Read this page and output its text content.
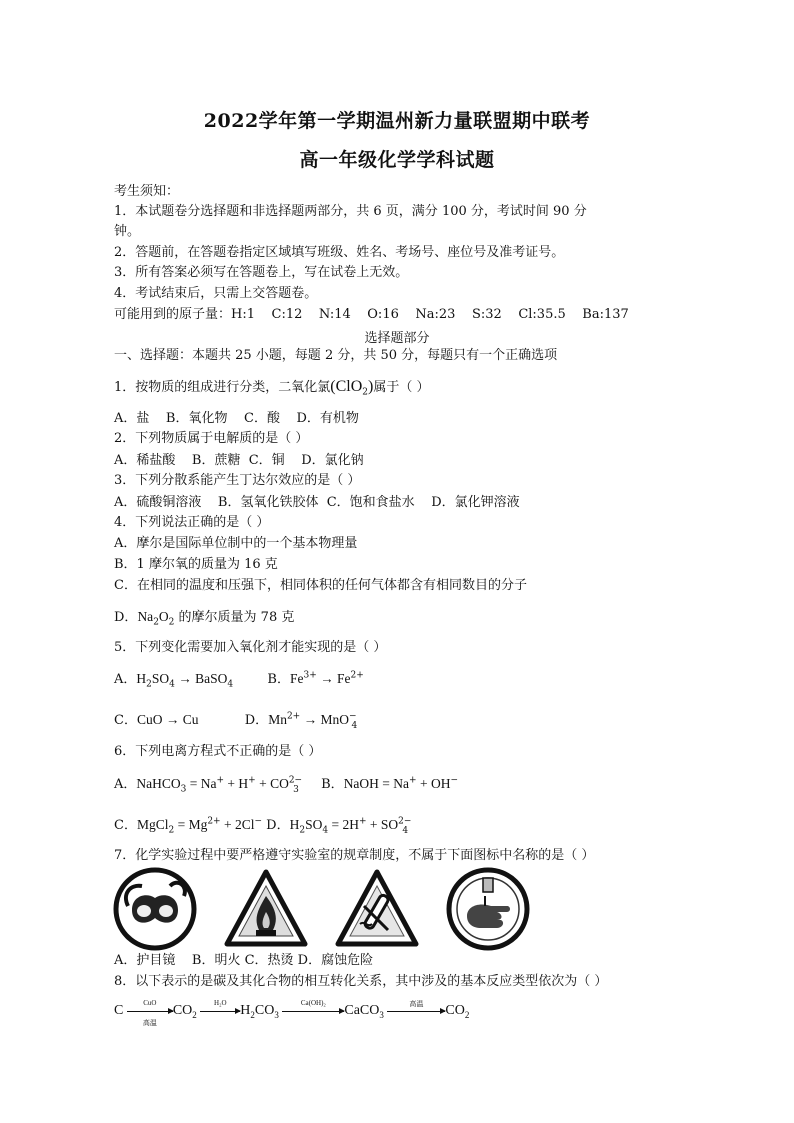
2022学年第一学期温州新力量联盟期中联考
高一年级化学学科试题
考生须知：
1．本试题卷分选择题和非选择题两部分，共 6 页，满分 100 分，考试时间 90 分
钟。
2．答题前，在答题卷指定区域填写班级、姓名、考场号、座位号及准考证号。
3．所有答案必须写在答题卷上，写在试卷上无效。
4．考试结束后，只需上交答题卷。
可能用到的原子量：H:1    C:12    N:14    O:16    Na:23    S:32    Cl:35.5    Ba:137
选择题部分
一、选择题：本题共 25 小题，每题 2 分，共 50 分，每题只有一个正确选项
1．按物质的组成进行分类，二氧化氯(ClO$_2$)属于（ ）
A．盐    B．氧化物    C．酸    D．有机物
2．下列物质属于电解质的是（ ）
A．稀盐酸    B．蔗糖  C．铜    D．氯化钠
3．下列分散系能产生丁达尔效应的是（ ）
A．硫酸铜溶液    B．氢氧化铁胶体  C．饱和食盐水    D．氯化钾溶液
4．下列说法正确的是（ ）
A．摩尔是国际单位制中的一个基本物理量
B．1 摩尔氧的质量为 16 克
C．在相同的温度和压强下，相同体积的任何气体都含有相同数目的分子
D．$Na_2O_2$ 的摩尔质量为 78 克
5．下列变化需要加入氧化剂才能实现的是（ ）
A．$H_2SO_4$ → BaSO$_4$	B．$Fe^{3+} \to Fe^{2+}$
C．CuO → Cu	D．$Mn^{2+} \to MnO^-_4$
6．下列电离方程式不正确的是（ ）
A．NaHCO$_3$ = $Na^+ + H^+ + CO^{2-}_3$ B．NaOH = Na+ + OH−
C．MgCl$_2$ = $Mg^{2+} + 2Cl^-$ D．$H_2SO_4 = 2H^+ + SO^{2-}_4$
7．化学实验过程中要严格遵守实验室的规章制度，不属于下面图标中名称的是（ ）
A．护目镜    B．明火 C．热烫 D．腐蚀危险
8．以下表示的是碳及其化合物的相互转化关系，其中涉及的基本反应类型依次为（ ）
C	CuO
高温
$CO_2$
H₂O $H_2CO_3$
Ca(OH)₂	CaCO$_3$
高温	$CO_2$
